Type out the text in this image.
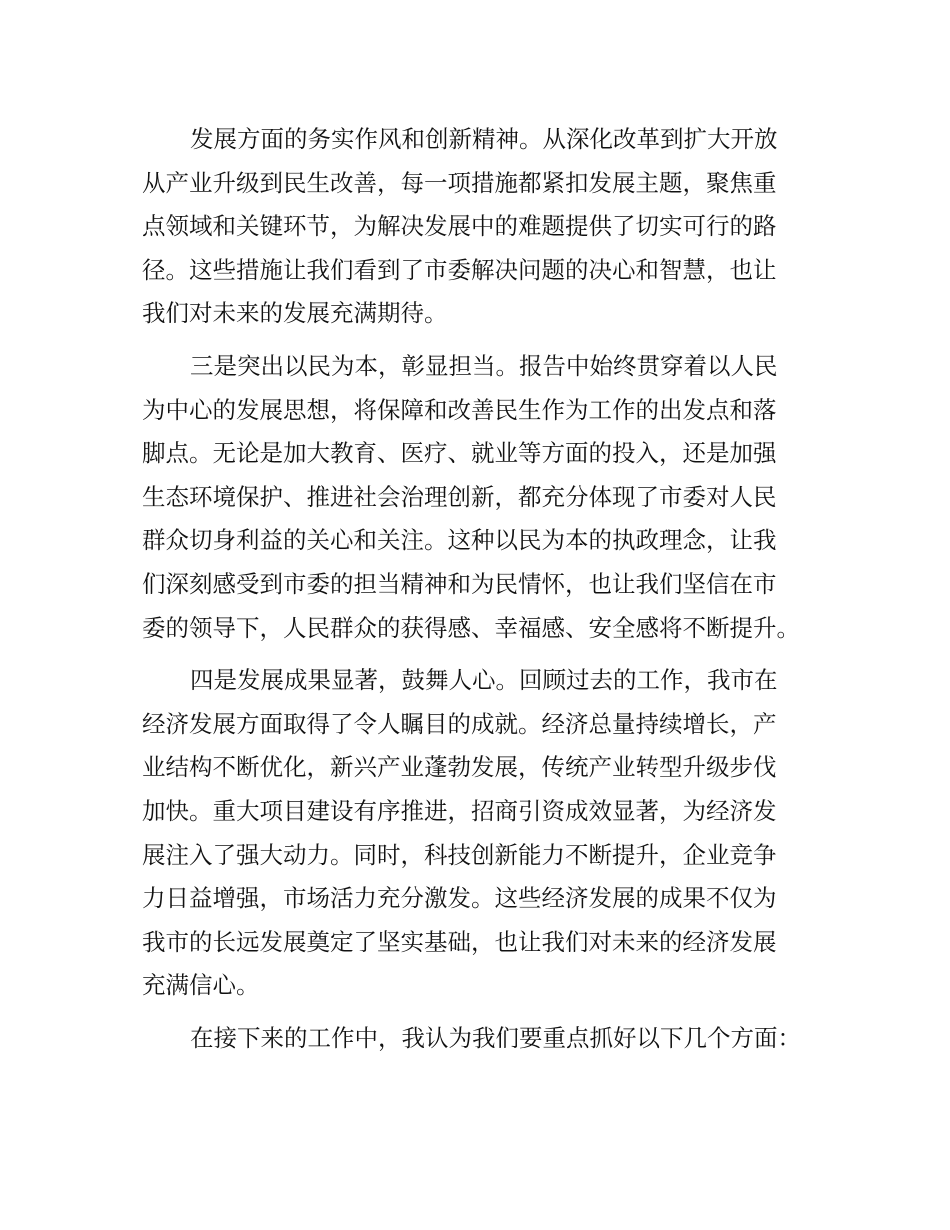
发展方面的务实作风和创新精神。从深化改革到扩大开放
从产业升级到民生改善，每一项措施都紧扣发展主题，聚焦重
点领域和关键环节，为解决发展中的难题提供了切实可行的路
径。这些措施让我们看到了市委解决问题的决心和智慧，也让
我们对未来的发展充满期待。
三是突出以民为本，彰显担当。报告中始终贯穿着以人民
为中心的发展思想，将保障和改善民生作为工作的出发点和落
脚点。无论是加大教育、医疗、就业等方面的投入，还是加强
生态环境保护、推进社会治理创新，都充分体现了市委对人民
群众切身利益的关心和关注。这种以民为本的执政理念，让我
们深刻感受到市委的担当精神和为民情怀，也让我们坚信在市
委的领导下，人民群众的获得感、幸福感、安全感将不断提升。
四是发展成果显著，鼓舞人心。回顾过去的工作，我市在
经济发展方面取得了令人瞩目的成就。经济总量持续增长，产
业结构不断优化，新兴产业蓬勃发展，传统产业转型升级步伐
加快。重大项目建设有序推进，招商引资成效显著，为经济发
展注入了强大动力。同时，科技创新能力不断提升，企业竞争
力日益增强，市场活力充分激发。这些经济发展的成果不仅为
我市的长远发展奠定了坚实基础，也让我们对未来的经济发展
充满信心。
在接下来的工作中，我认为我们要重点抓好以下几个方面：
